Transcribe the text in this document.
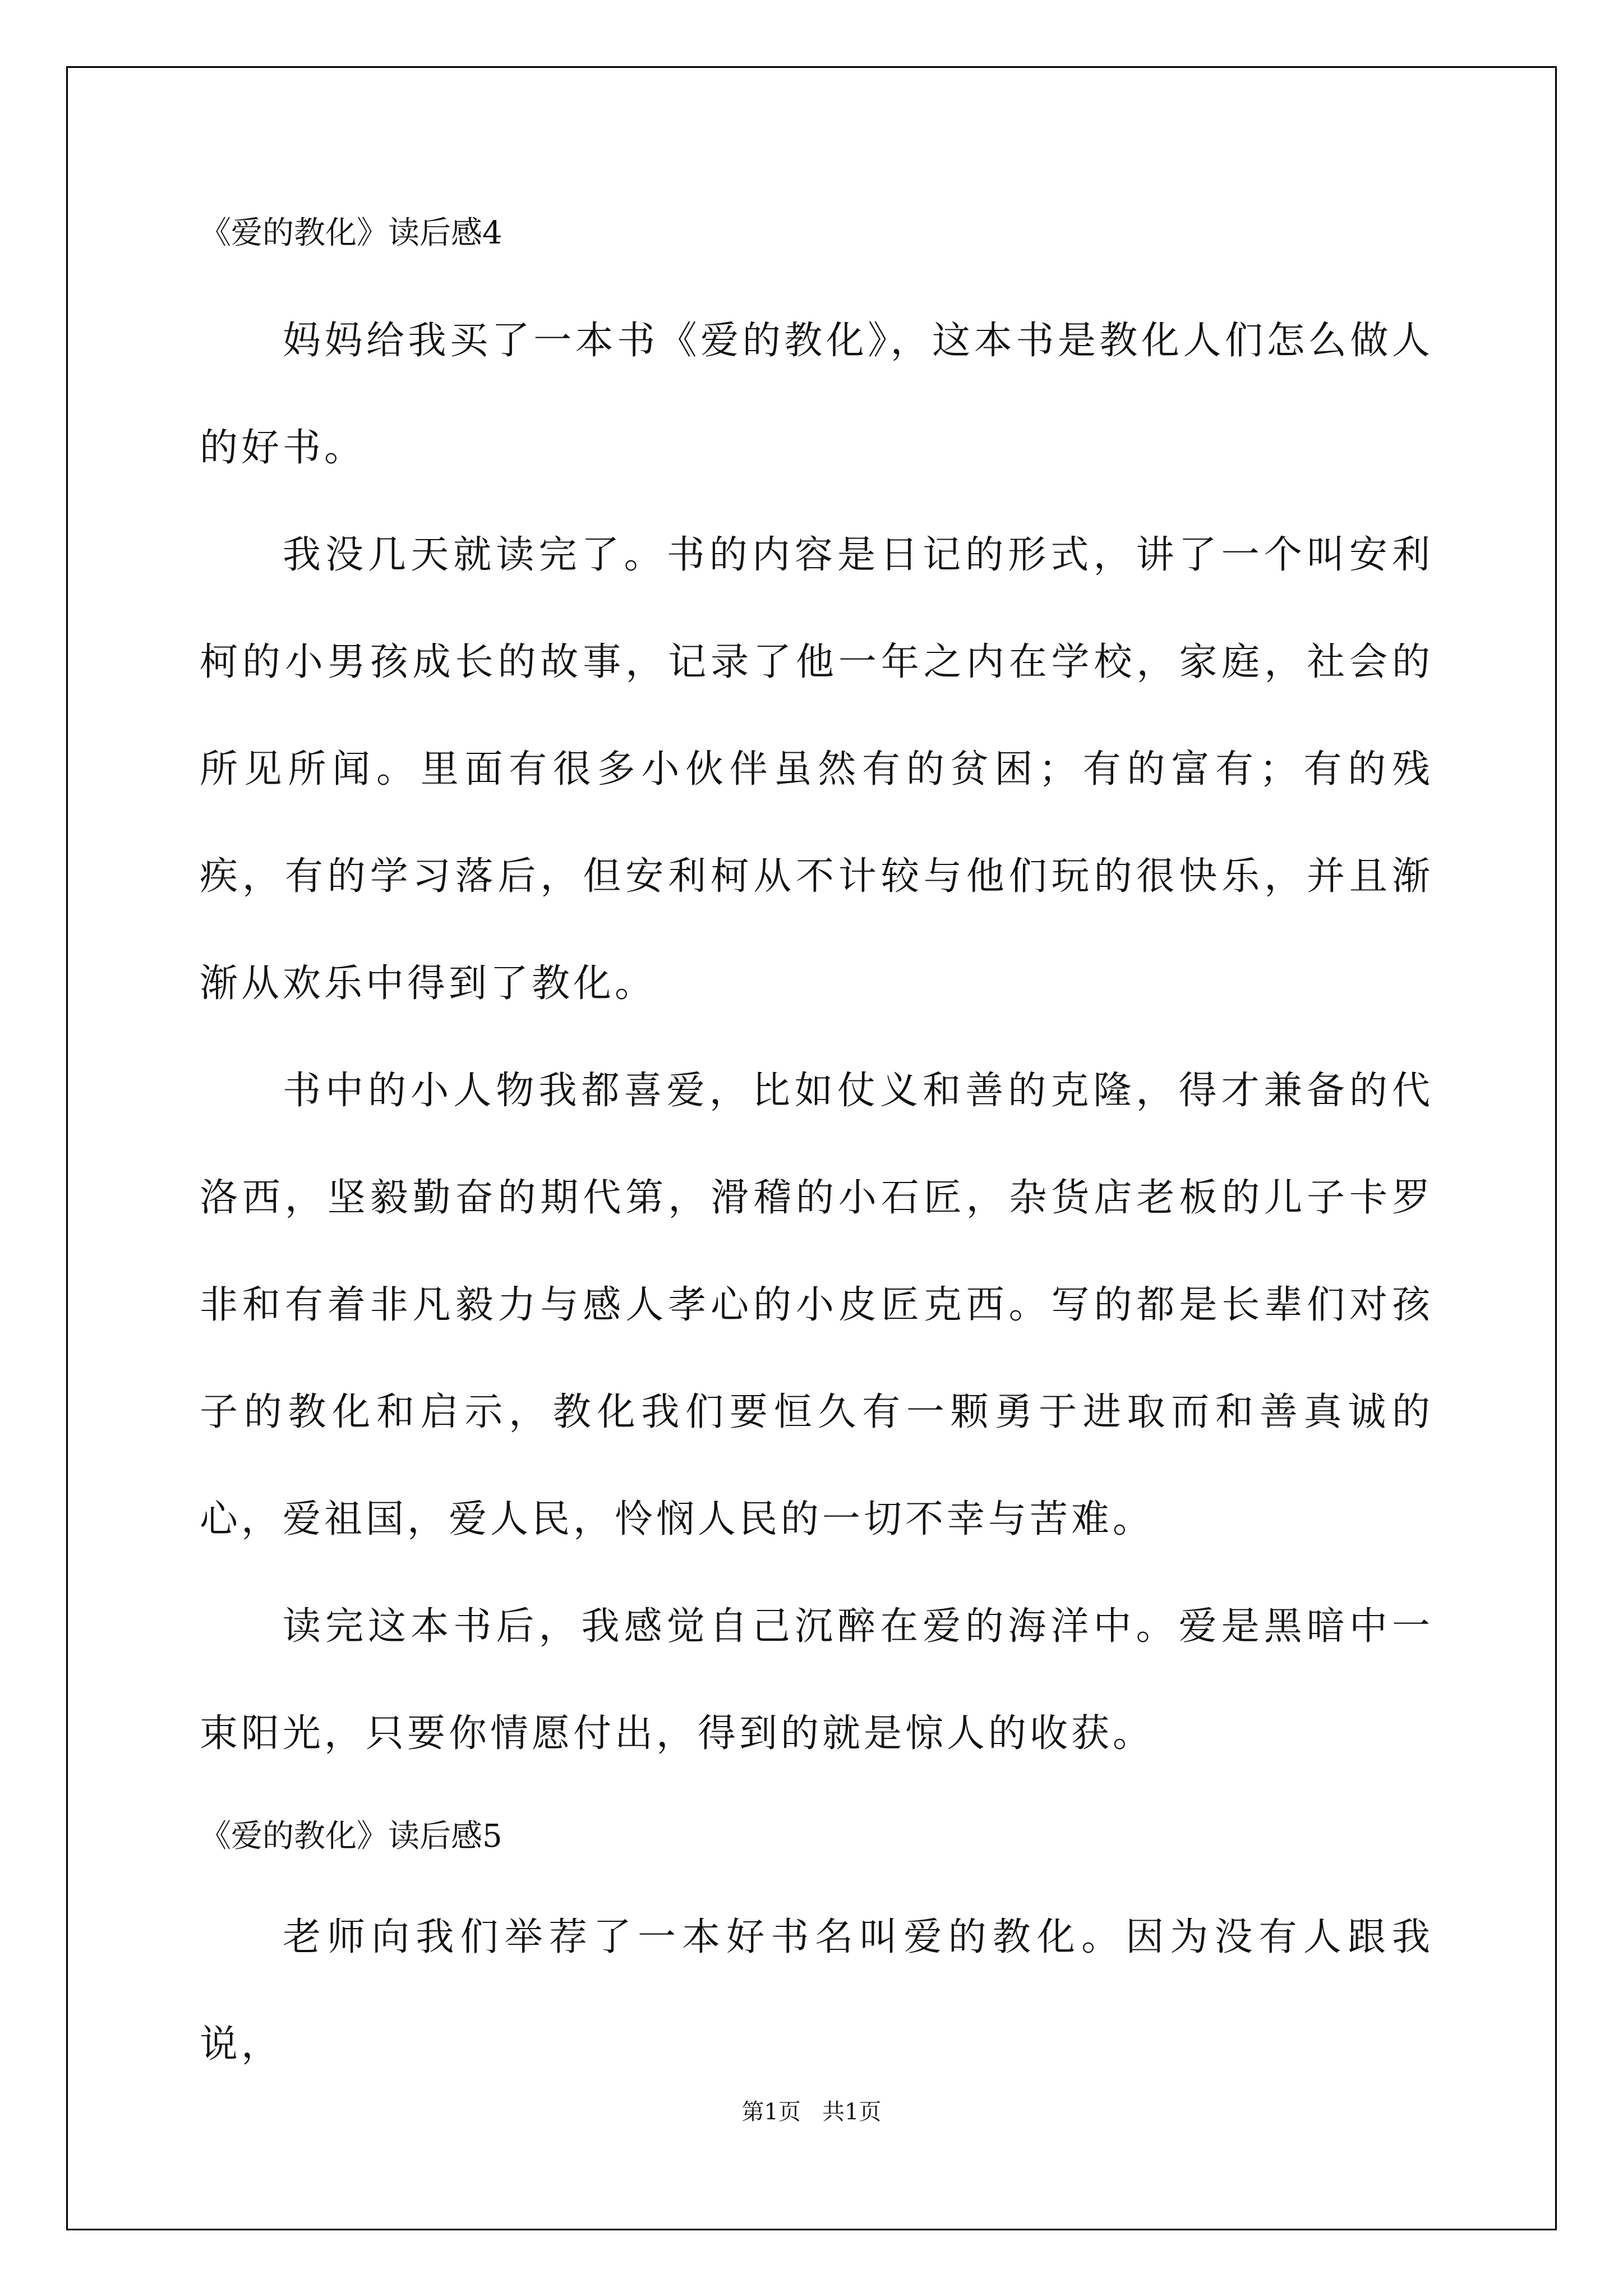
《爱的教化》读后感4

妈妈给我买了一本书《爱的教化》，这本书是教化人们怎么做人的好书。

我没几天就读完了。书的内容是日记的形式，讲了一个叫安利柯的小男孩成长的故事，记录了他一年之内在学校，家庭，社会的所见所闻。里面有很多小伙伴虽然有的贫困；有的富有；有的残疾，有的学习落后，但安利柯从不计较与他们玩的很快乐，并且渐渐从欢乐中得到了教化。

书中的小人物我都喜爱，比如仗义和善的克隆，得才兼备的代洛西，坚毅勤奋的期代第，滑稽的小石匠，杂货店老板的儿子卡罗非和有着非凡毅力与感人孝心的小皮匠克西。写的都是长辈们对孩子的教化和启示，教化我们要恒久有一颗勇于进取而和善真诚的心，爱祖国，爱人民，怜悯人民的一切不幸与苦难。

读完这本书后，我感觉自己沉醉在爱的海洋中。爱是黑暗中一束阳光，只要你情愿付出，得到的就是惊人的收获。

《爱的教化》读后感5

老师向我们举荐了一本好书名叫爱的教化。因为没有人跟我说，

第1页   共1页
